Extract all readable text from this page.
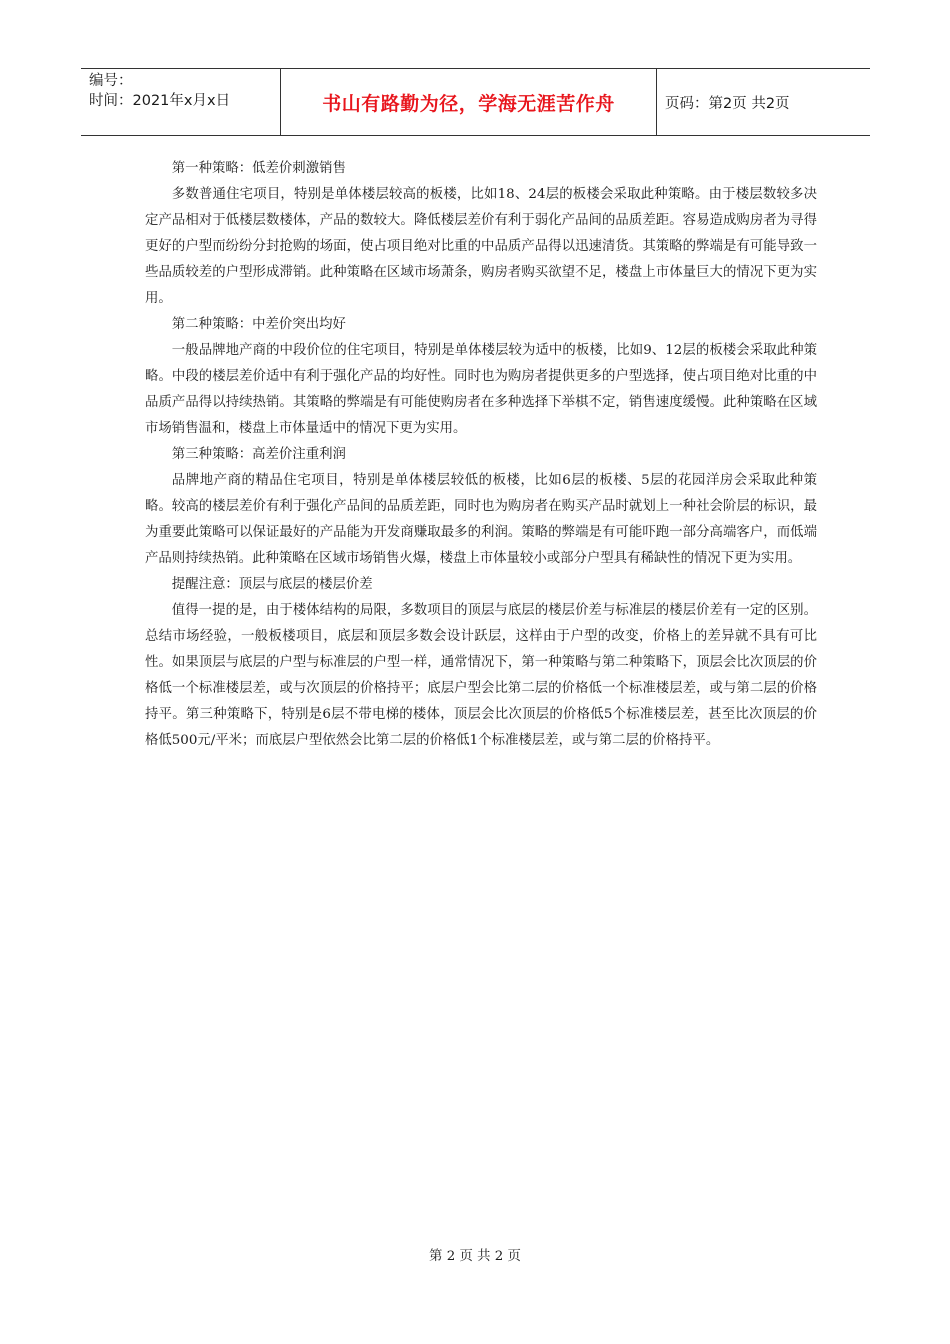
编号：
时间：2021年x月x日	书山有路勤为径，学海无涯苦作舟	页码：第2页 共2页

第一种策略：低差价刺激销售

多数普通住宅项目，特别是单体楼层较高的板楼，比如18、24层的板楼会采取此种策略。由于楼层数较多决定产品相对于低楼层数楼体，产品的数较大。降低楼层差价有利于弱化产品间的品质差距。容易造成购房者为寻得更好的户型而纷纷分封抢购的场面，使占项目绝对比重的中品质产品得以迅速清货。其策略的弊端是有可能导致一些品质较差的户型形成滞销。此种策略在区域市场萧条，购房者购买欲望不足，楼盘上市体量巨大的情况下更为实用。

第二种策略：中差价突出均好

一般品牌地产商的中段价位的住宅项目，特别是单体楼层较为适中的板楼，比如9、12层的板楼会采取此种策略。中段的楼层差价适中有利于强化产品的均好性。同时也为购房者提供更多的户型选择，使占项目绝对比重的中品质产品得以持续热销。其策略的弊端是有可能使购房者在多种选择下举棋不定，销售速度缓慢。此种策略在区域市场销售温和，楼盘上市体量适中的情况下更为实用。

第三种策略：高差价注重利润

品牌地产商的精品住宅项目，特别是单体楼层较低的板楼，比如6层的板楼、5层的花园洋房会采取此种策略。较高的楼层差价有利于强化产品间的品质差距，同时也为购房者在购买产品时就划上一种社会阶层的标识，最为重要此策略可以保证最好的产品能为开发商赚取最多的利润。策略的弊端是有可能吓跑一部分高端客户，而低端产品则持续热销。此种策略在区域市场销售火爆，楼盘上市体量较小或部分户型具有稀缺性的情况下更为实用。

提醒注意：顶层与底层的楼层价差

值得一提的是，由于楼体结构的局限，多数项目的顶层与底层的楼层价差与标准层的楼层价差有一定的区别。总结市场经验，一般板楼项目，底层和顶层多数会设计跃层，这样由于户型的改变，价格上的差异就不具有可比性。如果顶层与底层的户型与标准层的户型一样，通常情况下，第一种策略与第二种策略下，顶层会比次顶层的价格低一个标准楼层差，或与次顶层的价格持平；底层户型会比第二层的价格低一个标准楼层差，或与第二层的价格持平。第三种策略下，特别是6层不带电梯的楼体，顶层会比次顶层的价格低5个标准楼层差，甚至比次顶层的价格低500元/平米；而底层户型依然会比第二层的价格低1个标准楼层差，或与第二层的价格持平。

第 2 页 共 2 页
